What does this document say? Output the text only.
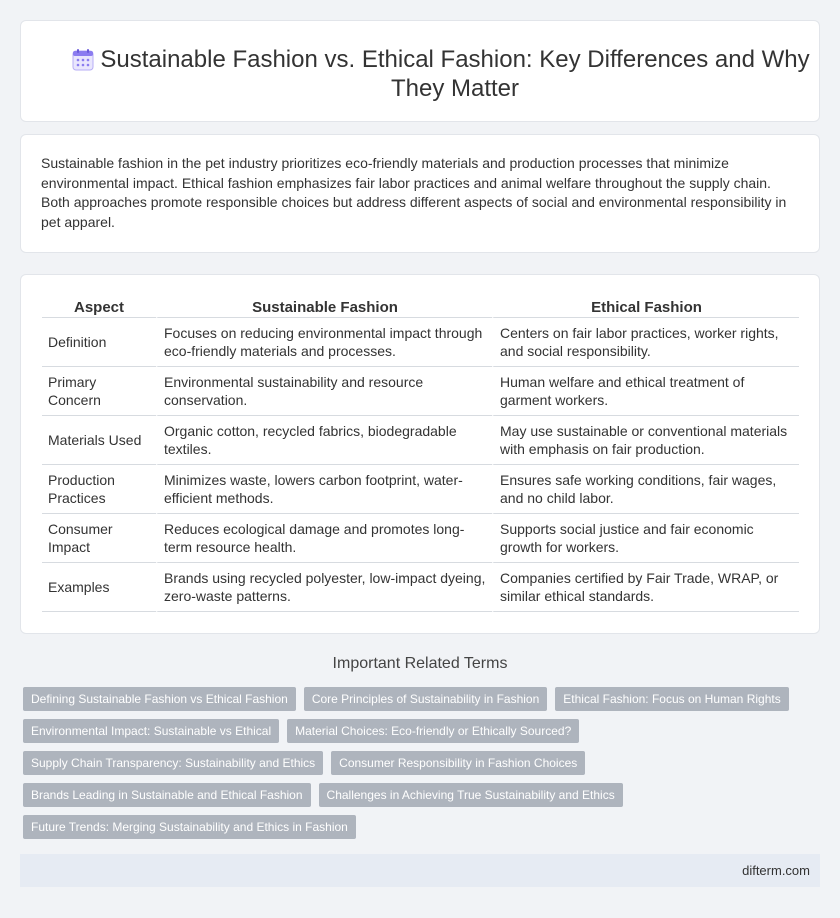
Sustainable Fashion vs. Ethical Fashion: Key Differences and Why They Matter

Sustainable fashion in the pet industry prioritizes eco-friendly materials and production processes that minimize environmental impact. Ethical fashion emphasizes fair labor practices and animal welfare throughout the supply chain. Both approaches promote responsible choices but address different aspects of social and environmental responsibility in pet apparel.

Aspect	Sustainable Fashion	Ethical Fashion
Definition	Focuses on reducing environmental impact through eco-friendly materials and processes.	Centers on fair labor practices, worker rights, and social responsibility.
Primary Concern	Environmental sustainability and resource conservation.	Human welfare and ethical treatment of garment workers.
Materials Used	Organic cotton, recycled fabrics, biodegradable textiles.	May use sustainable or conventional materials with emphasis on fair production.
Production Practices	Minimizes waste, lowers carbon footprint, water-efficient methods.	Ensures safe working conditions, fair wages, and no child labor.
Consumer Impact	Reduces ecological damage and promotes long-term resource health.	Supports social justice and fair economic growth for workers.
Examples	Brands using recycled polyester, low-impact dyeing, zero-waste patterns.	Companies certified by Fair Trade, WRAP, or similar ethical standards.
Important Related Terms
Defining Sustainable Fashion vs Ethical Fashion	Core Principles of Sustainability in Fashion	Ethical Fashion: Focus on Human Rights
Environmental Impact: Sustainable vs Ethical	Material Choices: Eco-friendly or Ethically Sourced?
Supply Chain Transparency: Sustainability and Ethics	Consumer Responsibility in Fashion Choices
Brands Leading in Sustainable and Ethical Fashion	Challenges in Achieving True Sustainability and Ethics
Future Trends: Merging Sustainability and Ethics in Fashion
difterm.com
